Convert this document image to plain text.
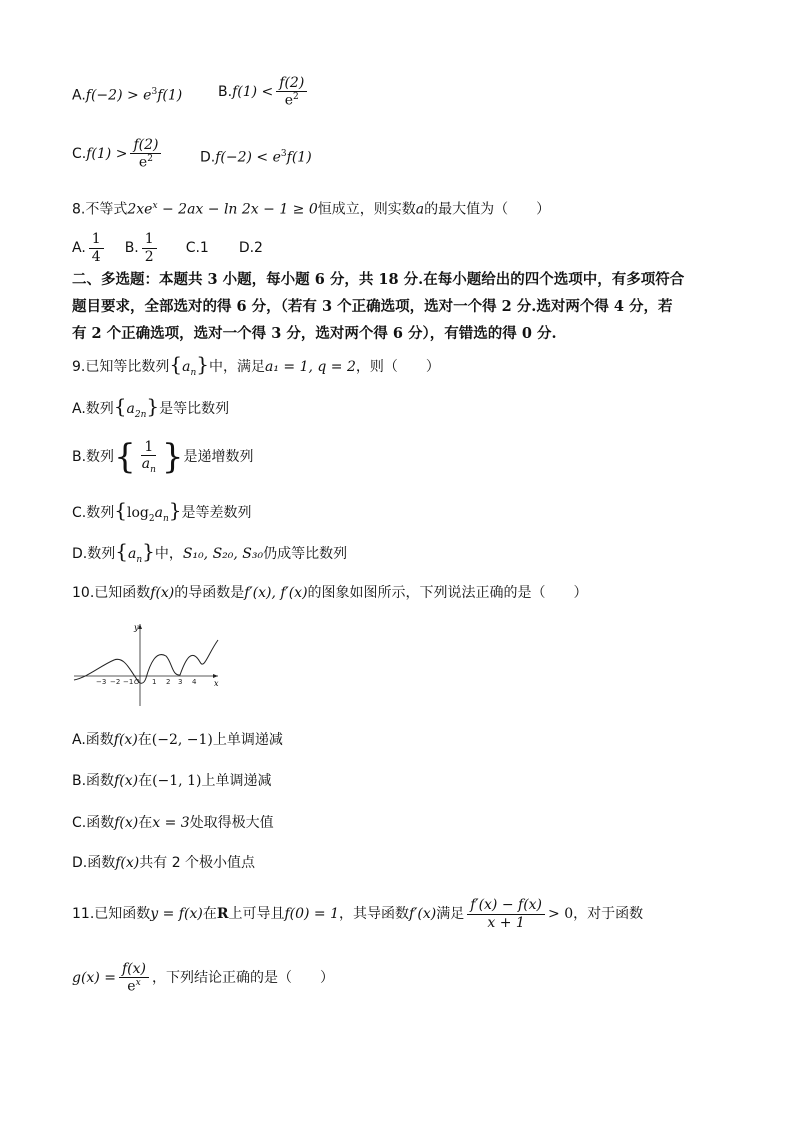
$A.f(-2) > e^3f(1)$	B. $f(1) < \frac{f(2)}{e^2}$
C. $f(1) > \frac{f(2)}{e^2}$	$D.f(-2) < e^3f(1)$
8.不等式$2xe^x - 2ax - \ln 2x - 1 \ge 0$恒成立，则实数a的最大值为（　　）
A. $\frac{1}{4} B$. $\frac{1}{2} C.1$ D.2
二、多选题：本题共 3 小题，每小题 6 分，共 18 分.在每小题给出的四个选项中，有多项符合
题目要求，全部选对的得 6 分，（若有 3 个正确选项，选对一个得 2 分.选对两个得 4 分，若
有 2 个正确选项，选对一个得 3 分，选对两个得 6 分），有错选的得 0 分.
9.已知等比数列$\{a_n\}$中，满足a₁ = 1, q = 2，则（　　）
A.数列$\{a_{2n}\}$是等比数列
B.数列 { $\frac{1}{a_n}$ } 是递增数列
C.数列$\{\log_2a_n\}$是等差数列
D.数列$\{a_n\}$中，S₁₀, S₂₀, S₃₀仍成等比数列
10.已知函数f(x)的导函数是f′(x), f′(x)的图象如图所示，下列说法正确的是（　　）
y
x
−3 −2 −1 O 1 2 3 4
A.函数f(x)在(−2, −1)上单调递减
B.函数f(x)在(−1, 1)上单调递减
C.函数f(x)在x = 3处取得极大值
D.函数f(x)共有 2 个极小值点
11.已知函数 y = f(x) 在 R 上可导且 f(0) = 1 ，其导函数 f′(x) 满足 $\frac{f'(x) - f(x)}{x + 1} > 0$ ，对于函数
$g(x) = \frac{f(x)}{e^x}$ ，下列结论正确的是（　　）
